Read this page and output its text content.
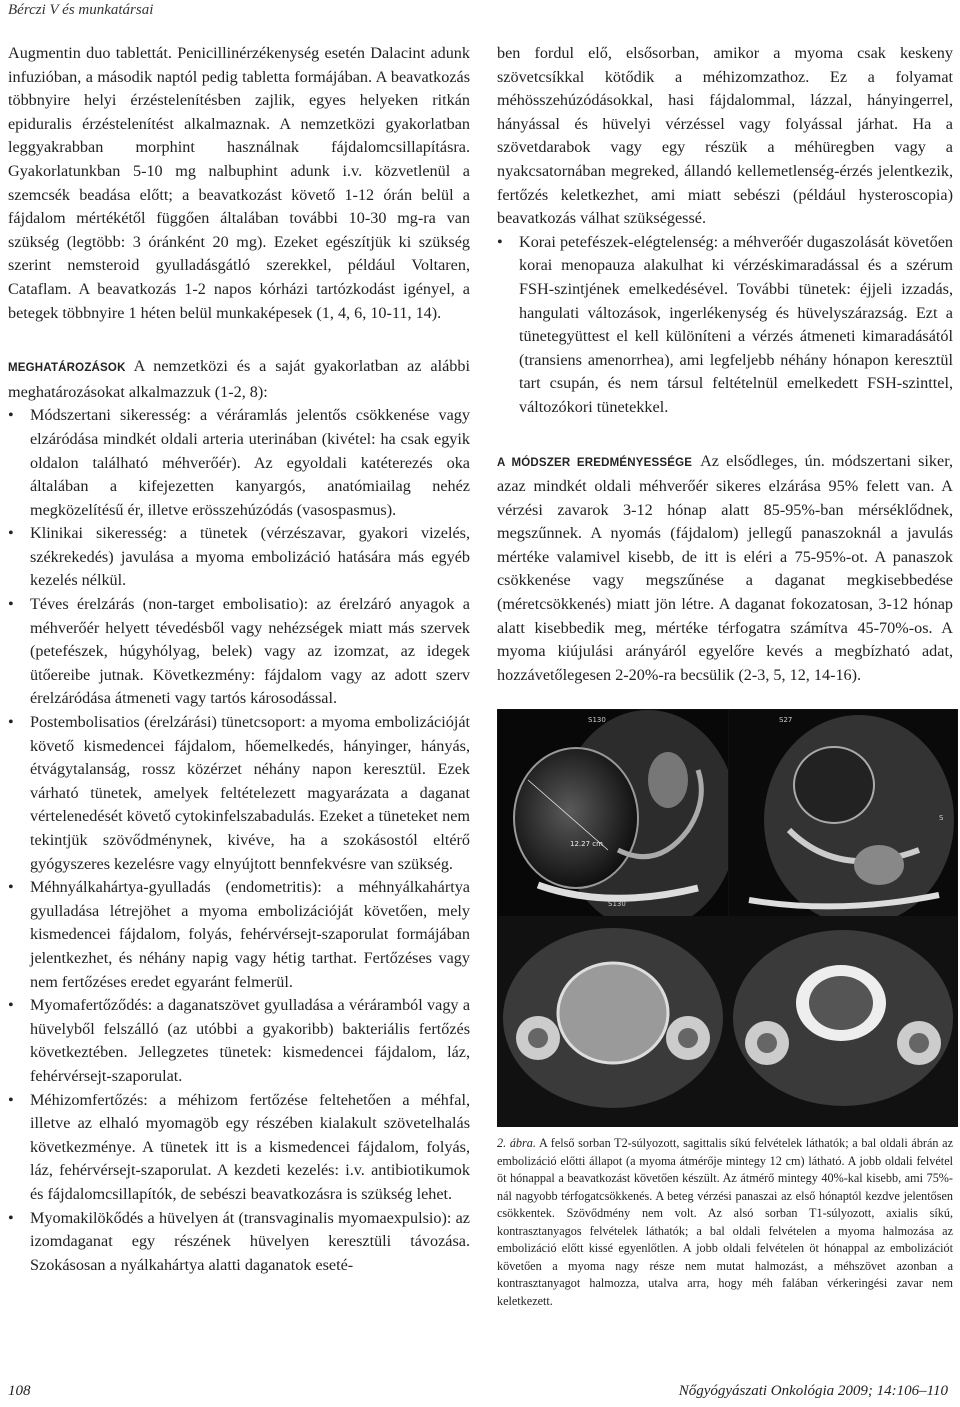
Bérczi V és munkatársai

Augmentin duo tablettát. Penicillinérzékenység esetén Dalacint adunk infuzióban, a második naptól pedig tabletta formájában. A beavatkozás többnyire helyi érzéstelenítésben zajlik, egyes helyeken ritkán epiduralis érzéstelenítést alkalmaznak. A nemzetközi gyakorlatban leggyakrabban morphint használnak fájdalomcsillapításra. Gyakorlatunkban 5-10 mg nalbuphint adunk i.v. közvetlenül a szemcsék beadása előtt; a beavatkozást követő 1-12 órán belül a fájdalom mértékétől függően általában további 10-30 mg-ra van szükség (legtöbb: 3 óránként 20 mg). Ezeket egészítjük ki szükség szerint nemsteroid gyulladásgátló szerekkel, például Voltaren, Cataflam. A beavatkozás 1-2 napos kórházi tartózkodást igényel, a betegek többnyire 1 héten belül munkaképesek (1, 4, 6, 10-11, 14).

MEGHATÁROZÁSOK A nemzetközi és a saját gyakorlatban az alábbi meghatározásokat alkalmazzuk (1-2, 8):

• Módszertani sikeresség: a véráramlás jelentős csökkenése vagy elzáródása mindkét oldali arteria uterinában (kivétel: ha csak egyik oldalon található méhverőér). Az egyoldali katéterezés oka általában a kifejezetten kanyargós, anatómiailag nehéz megközelítésű ér, illetve erösszehúzódás (vasospasmus).
• Klinikai sikeresség: a tünetek (vérzészavar, gyakori vizelés, székrekedés) javulása a myoma embolizáció hatására más egyéb kezelés nélkül.
• Téves érelzárás (non-target embolisatio): az érelzáró anyagok a méhverőér helyett tévedésből vagy nehézségek miatt más szervek (petefészek, húgyhólyag, belek) vagy az izomzat, az idegek ütőereibe jutnak. Következmény: fájdalom vagy az adott szerv érelzáródása átmeneti vagy tartós károsodással.
• Postembolisatios (érelzárási) tünetcsoport: a myoma embolizációját követő kismedencei fájdalom, hőemelkedés, hányinger, hányás, étvágytalanság, rossz közérzet néhány napon keresztül. Ezek várható tünetek, amelyek feltételezett magyarázata a daganat vértelenedését követő cytokinfelszabadulás. Ezeket a tüneteket nem tekintjük szövődménynek, kivéve, ha a szokásostól eltérő gyógyszeres kezelésre vagy elnyújtott bennfekvésre van szükség.
• Méhnyálkahártya-gyulladás (endometritis): a méhnyálkahártya gyulladása létrejöhet a myoma embolizációját követően, mely kismedencei fájdalom, folyás, fehérvérsejt-szaporulat formájában jelentkezhet, és néhány napig vagy hétig tarthat. Fertőzéses vagy nem fertőzéses eredet egyaránt felmerül.
• Myomafertőződés: a daganatszövet gyulladása a véráramból vagy a hüvelyből felszálló (az utóbbi a gyakoribb) bakteriális fertőzés következtében. Jellegzetes tünetek: kismedencei fájdalom, láz, fehérvérsejt-szaporulat.
• Méhizomfertőzés: a méhizom fertőzése feltehetően a méhfal, illetve az elhaló myomagöb egy részében kialakult szövetelhalás következménye. A tünetek itt is a kismedencei fájdalom, folyás, láz, fehérvérsejt-szaporulat. A kezdeti kezelés: i.v. antibiotikumok és fájdalomcsillapítók, de sebészi beavatkozásra is szükség lehet.
• Myomakilökődés a hüvelyen át (transvaginalis myomaexpulsio): az izomdaganat egy részének hüvelyen keresztüli távozása. Szokásosan a nyálkahártya alatti daganatok eseté-

ben fordul elő, elsősorban, amikor a myoma csak keskeny szövetcsíkkal kötődik a méhizomzathoz. Ez a folyamat méhösszehúzódásokkal, hasi fájdalommal, lázzal, hányingerrel, hányással és hüvelyi vérzéssel vagy folyással járhat. Ha a szövetdarabok vagy egy részük a méhüregben vagy a nyakcsatornában megreked, állandó kellemetlenség-érzés jelentkezik, fertőzés keletkezhet, ami miatt sebészi (például hysteroscopia) beavatkozás válhat szükségessé.

• Korai petefészek-elégtelenség: a méhverőér dugaszolását követően korai menopauza alakulhat ki vérzéskimaradással és a szérum FSH-szintjének emelkedésével. További tünetek: éjjeli izzadás, hangulati változások, ingerlékenység és hüvelyszárazság. Ezt a tünetegyüttest el kell különíteni a vérzés átmeneti kimaradásától (transiens amenorrhea), ami legfeljebb néhány hónapon keresztül tart csupán, és nem társul feltételnül emelkedett FSH-szinttel, változókori tünetekkel.

A MÓDSZER EREDMÉNYESSÉGE Az elsődleges, ún. módszertani siker, azaz mindkét oldali méhverőér sikeres elzárása 95% felett van. A vérzési zavarok 3-12 hónap alatt 85-95%-ban mérséklődnek, megszűnnek. A nyomás (fájdalom) jellegű panaszoknál a javulás mértéke valamivel kisebb, de itt is eléri a 75-95%-ot. A panaszok csökkenése vagy megszűnése a daganat megkisebbedése (méretcsökkenés) miatt jön létre. A daganat fokozatosan, 3-12 hónap alatt kisebbedik meg, mértéke térfogatra számítva 45-70%-os. A myoma kiújulási arányáról egyelőre kevés a megbízható adat, hozzávetőlegesen 2-20%-ra becsülik (2-3, 5, 12, 14-16).

S130
S130
12.27 cm
S27
S

2. ábra. A felső sorban T2-súlyozott, sagittalis síkú felvételek láthatók; a bal oldali ábrán az embolizáció előtti állapot (a myoma átmérője mintegy 12 cm) látható. A jobb oldali felvétel öt hónappal a beavatkozást követően készült. Az átmérő mintegy 40%-kal kisebb, ami 75%-nál nagyobb térfogatcsökkenés. A beteg vérzési panaszai az első hónaptól kezdve jelentősen csökkentek. Szövődmény nem volt. Az alsó sorban T1-súlyozott, axialis síkú, kontrasztanyagos felvételek láthatók; a bal oldali felvételen a myoma halmozása az embolizáció előtt kissé egyenlőtlen. A jobb oldali felvételen öt hónappal az embolizációt követően a myoma nagy része nem mutat halmozást, a méhszövet azonban a kontrasztanyagot halmozza, utalva arra, hogy méh falában vérkeringési zavar nem keletkezett.

108	Nőgyógyászati Onkológia 2009; 14:106–110
